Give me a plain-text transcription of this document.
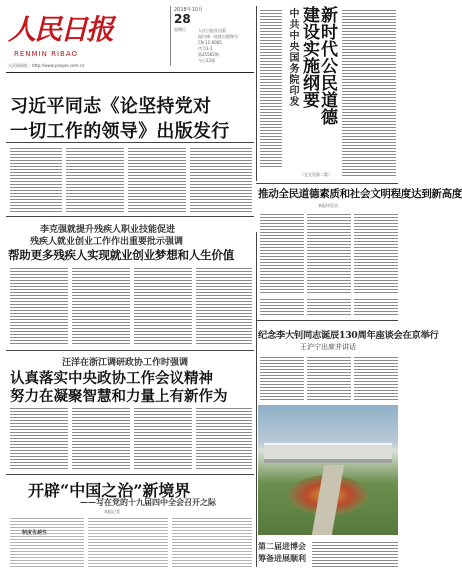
人民日报
RENMIN RIBAO
人民网网址：http://www.people.com.cn
2018年10月
28
星期日	人民日报社出版
国内统一连续出版物号
CN 11-0065
代号1-1
第25562期
今日12版	中共中央国务院印发 新时代公民道德
建设实施纲要
（全文见第二版）
推动全民道德素质和社会文明程度达到新高度
本报评论员
习近平同志《论坚持党对
一切工作的领导》出版发行
李克强就提升残疾人职业技能促进
残疾人就业创业工作作出重要批示强调
帮助更多残疾人实现就业创业梦想和人生价值
汪洋在浙江调研政协工作时强调
认真落实中央政协工作会议精神
努力在凝聚智慧和力量上有新作为
开辟“中国之治”新境界
——写在党的十九届四中全会召开之际
本报记者
制度优越性
纪念李大钊同志诞辰130周年座谈会在京举行
王沪宁出席并讲话
第二届进博会
筹备进展顺利
